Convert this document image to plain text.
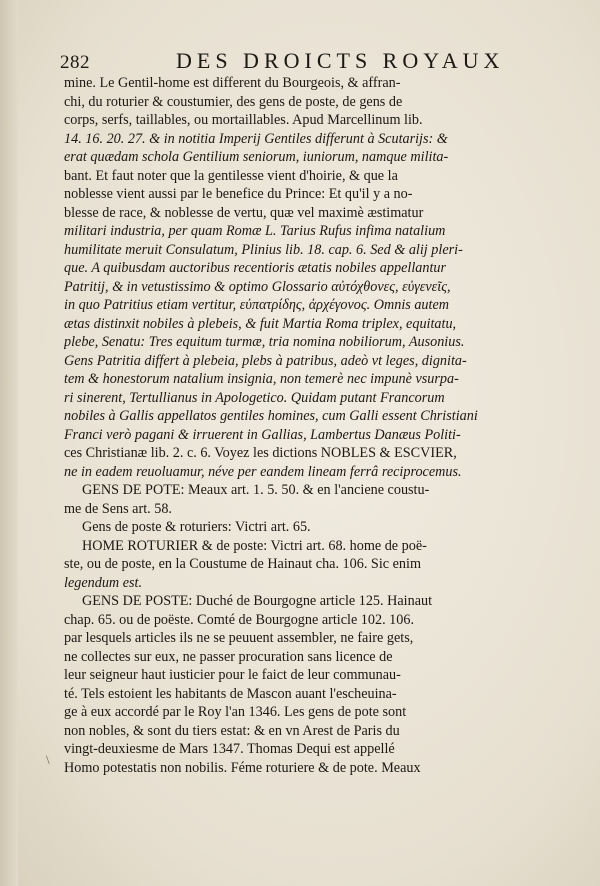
282	DES DROICTS ROYAUX
mine. Le Gentil-home est different du Bourgeois, & affran-
chi, du roturier & coustumier, des gens de poste, de gens de
corps, serfs, taillables, ou mortaillables. Apud Marcellinum lib.
14. 16. 20. 27. & in notitia Imperij Gentiles differunt à Scutarijs: &
erat quædam schola Gentilium seniorum, iuniorum, namque milita-
bant. Et faut noter que la gentilesse vient d'hoirie, & que la
noblesse vient aussi par le benefice du Prince: Et qu'il y a no-
blesse de race, & noblesse de vertu, quæ vel maximè æstimatur
militari industria, per quam Romæ L. Tarius Rufus infima natalium
humilitate meruit Consulatum, Plinius lib. 18. cap. 6. Sed & alij pleri-
que. A quibusdam auctoribus recentioris ætatis nobiles appellantur
Patritij, & in vetustissimo & optimo Glossario αὐτόχθονες, εὐγενεῖς,
in quo Patritius etiam vertitur, εὐπατρίδης, ἀρχέγονος. Omnis autem
ætas distinxit nobiles à plebeis, & fuit Martia Roma triplex, equitatu,
plebe, Senatu: Tres equitum turmæ, tria nomina nobiliorum, Ausonius.
Gens Patritia differt à plebeia, plebs à patribus, adeò vt leges, dignita-
tem & honestorum natalium insignia, non temerè nec impunè vsurpa-
ri sinerent, Tertullianus in Apologetico. Quidam putant Francorum
nobiles à Gallis appellatos gentiles homines, cum Galli essent Christiani
Franci verò pagani & irruerent in Gallias, Lambertus Danæus Politi-
ces Christianæ lib. 2. c. 6. Voyez les dictions NOBLES & ESCVIER,
ne in eadem reuoluamur, néve per eandem lineam ferrâ reciprocemus.
GENS DE POTE: Meaux art. 1. 5. 50. & en l'anciene coustu-
me de Sens art. 58.
Gens de poste & roturiers: Victri art. 65.
HOME ROTURIER & de poste: Victri art. 68. home de poë-
ste, ou de poste, en la Coustume de Hainaut cha. 106. Sic enim
legendum est.
GENS DE POSTE: Duché de Bourgogne article 125. Hainaut
chap. 65. ou de poëste. Comté de Bourgogne article 102. 106.
par lesquels articles ils ne se peuuent assembler, ne faire gets,
ne collectes sur eux, ne passer procuration sans licence de
leur seigneur haut iusticier pour le faict de leur communau-
té. Tels estoient les habitants de Mascon auant l'escheuina-
ge à eux accordé par le Roy l'an 1346. Les gens de pote sont
non nobles, & sont du tiers estat: & en vn Arest de Paris du
vingt-deuxiesme de Mars 1347. Thomas Dequi est appellé
Homo potestatis non nobilis. Féme roturiere & de pote. Meaux
\
